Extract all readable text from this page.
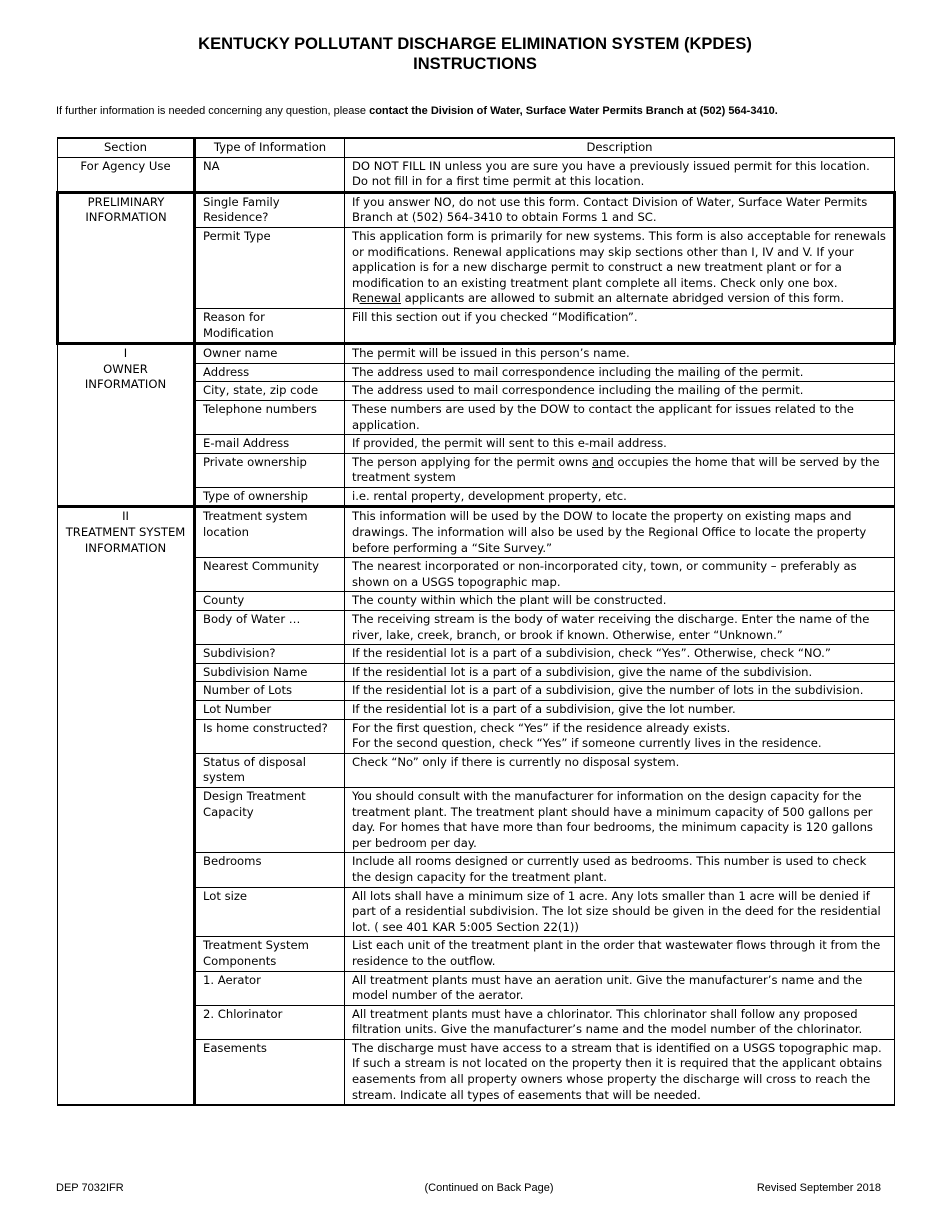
KENTUCKY POLLUTANT DISCHARGE ELIMINATION SYSTEM (KPDES)
INSTRUCTIONS

If further information is needed concerning any question, please contact the Division of Water, Surface Water Permits Branch at (502) 564-3410.

Section	Type of Information	Description
For Agency Use	NA	DO NOT FILL IN unless you are sure you have a previously issued permit for this location. Do not fill in for a first time permit at this location.
PRELIMINARY INFORMATION	Single Family Residence?	If you answer NO, do not use this form. Contact Division of Water, Surface Water Permits Branch at (502) 564-3410 to obtain Forms 1 and SC.
	Permit Type	This application form is primarily for new systems. This form is also acceptable for renewals or modifications. Renewal applications may skip sections other than I, IV and V. If your application is for a new discharge permit to construct a new treatment plant or for a modification to an existing treatment plant complete all items. Check only one box. Renewal applicants are allowed to submit an alternate abridged version of this form.
	Reason for Modification	Fill this section out if you checked “Modification”.

I
OWNER INFORMATION	Owner name	The permit will be issued in this person’s name.
	Address	The address used to mail correspondence including the mailing of the permit.
	City, state, zip code	The address used to mail correspondence including the mailing of the permit.
	Telephone numbers	These numbers are used by the DOW to contact the applicant for issues related to the application.
	E-mail Address	If provided, the permit will sent to this e-mail address.
	Private ownership	The person applying for the permit owns and occupies the home that will be served by the treatment system
	Type of ownership	i.e. rental property, development property, etc.

II
TREATMENT SYSTEM INFORMATION	Treatment system location	This information will be used by the DOW to locate the property on existing maps and drawings. The information will also be used by the Regional Office to locate the property before performing a “Site Survey.”
	Nearest Community	The nearest incorporated or non-incorporated city, town, or community – preferably as shown on a USGS topographic map.
	County	The county within which the plant will be constructed.
	Body of Water …	The receiving stream is the body of water receiving the discharge. Enter the name of the river, lake, creek, branch, or brook if known. Otherwise, enter “Unknown.”
	Subdivision?	If the residential lot is a part of a subdivision, check “Yes”. Otherwise, check “NO.”
	Subdivision Name	If the residential lot is a part of a subdivision, give the name of the subdivision.
	Number of Lots	If the residential lot is a part of a subdivision, give the number of lots in the subdivision.
	Lot Number	If the residential lot is a part of a subdivision, give the lot number.
	Is home constructed?	For the first question, check “Yes” if the residence already exists.
For the second question, check “Yes” if someone currently lives in the residence.

	Status of disposal system	Check “No” only if there is currently no disposal system.
	Design Treatment Capacity	You should consult with the manufacturer for information on the design capacity for the treatment plant. The treatment plant should have a minimum capacity of 500 gallons per day. For homes that have more than four bedrooms, the minimum capacity is 120 gallons per bedroom per day.
	Bedrooms	Include all rooms designed or currently used as bedrooms. This number is used to check the design capacity for the treatment plant.
	Lot size	All lots shall have a minimum size of 1 acre. Any lots smaller than 1 acre will be denied if part of a residential subdivision. The lot size should be given in the deed for the residential lot. ( see 401 KAR 5:005 Section 22(1))
	Treatment System Components	List each unit of the treatment plant in the order that wastewater flows through it from the residence to the outflow.
	1. Aerator	All treatment plants must have an aeration unit. Give the manufacturer’s name and the model number of the aerator.
	2. Chlorinator	All treatment plants must have a chlorinator. This chlorinator shall follow any proposed filtration units. Give the manufacturer’s name and the model number of the chlorinator.
	Easements	The discharge must have access to a stream that is identified on a USGS topographic map. If such a stream is not located on the property then it is required that the applicant obtains easements from all property owners whose property the discharge will cross to reach the stream. Indicate all types of easements that will be needed.

DEP 7032IFR	(Continued on Back Page)	Revised September 2018
